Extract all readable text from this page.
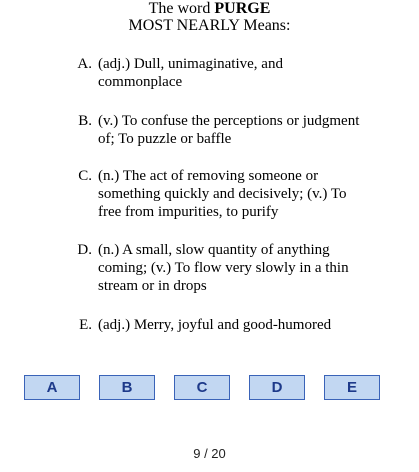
The word PURGE
MOST NEARLY Means:
A. (adj.) Dull, unimaginative, and commonplace
B. (v.) To confuse the perceptions or judgment of; To puzzle or baffle
C. (n.) The act of removing someone or something quickly and decisively; (v.) To free from impurities, to purify
D. (n.) A small, slow quantity of anything coming; (v.) To flow very slowly in a thin stream or in drops
E. (adj.) Merry, joyful and good-humored
A	B	C	D	E
9 / 20
